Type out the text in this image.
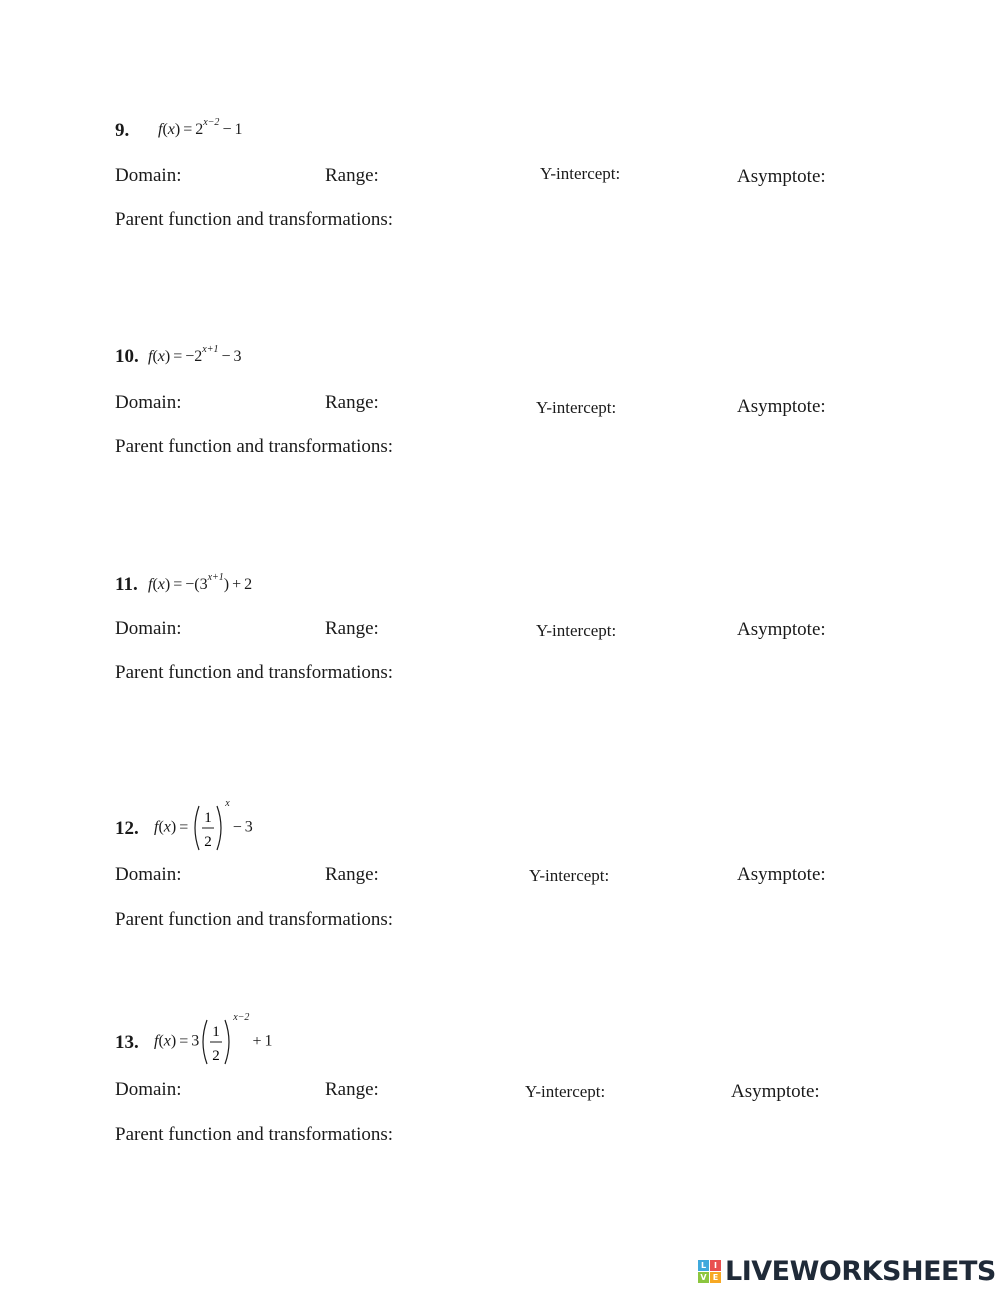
9. $f(x) = 2^{x-2} - 1$
Domain:	Range:	Y-intercept:	Asymptote:
Parent function and transformations:
10. $f(x) = -2^{x+1} - 3$
Domain:	Range:	Y-intercept:	Asymptote:
Parent function and transformations:
11. $f(x) = -(3^{x+1}) + 2$
Domain:	Range:	Y-intercept:	Asymptote:
Parent function and transformations:
12. f(x) =
1
2
$^x$− 3
Domain:	Range:	Y-intercept:	Asymptote:
Parent function and transformations:
13. f(x) = 3
1
2
$^{x-2}$+ 1
Domain:	Range:	Y-intercept:	Asymptote:
Parent function and transformations:
L I
V E LIVEWORKSHEETS
